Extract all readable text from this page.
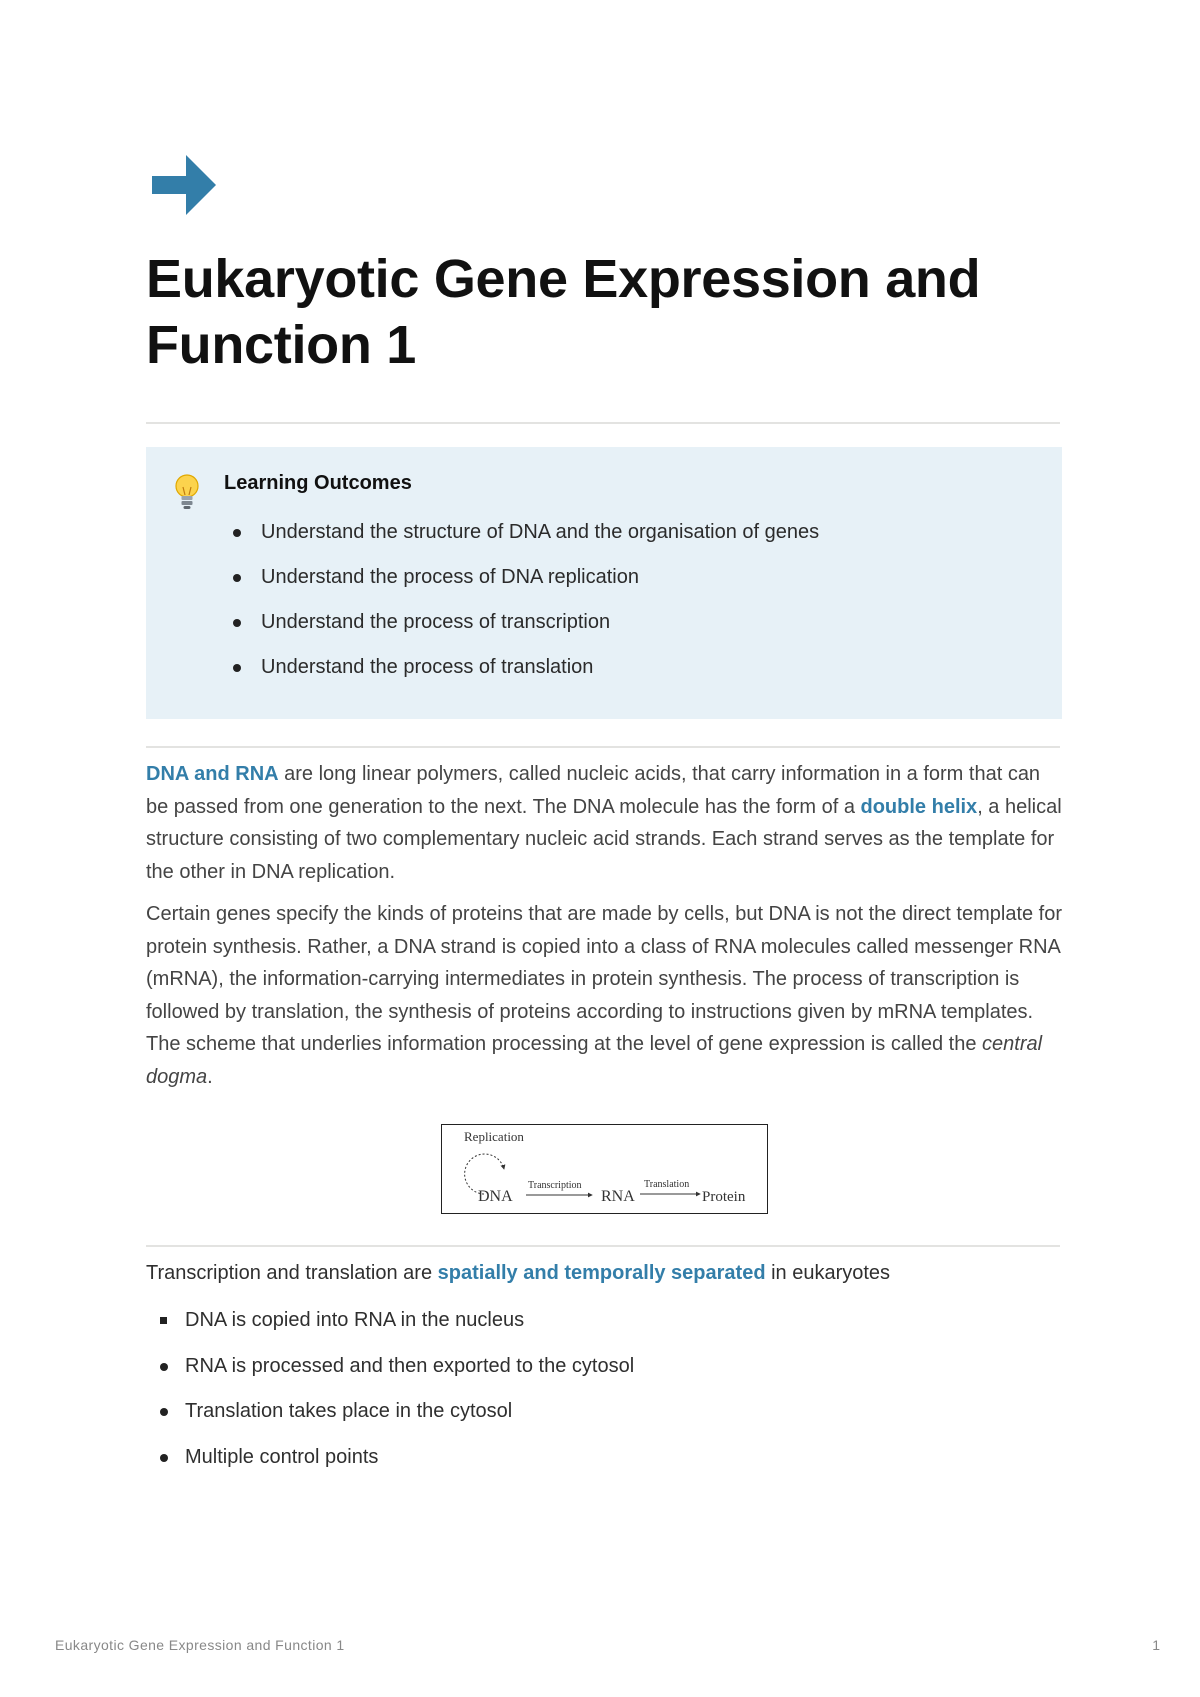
Eukaryotic Gene Expression and Function 1
Learning Outcomes
Understand the structure of DNA and the organisation of genes
Understand the process of DNA replication
Understand the process of transcription
Understand the process of translation

DNA and RNA are long linear polymers, called nucleic acids, that carry information in a form that can be passed from one generation to the next. The DNA molecule has the form of a double helix, a helical structure consisting of two complementary nucleic acid strands. Each strand serves as the template for the other in DNA replication.

Certain genes specify the kinds of proteins that are made by cells, but DNA is not the direct template for protein synthesis. Rather, a DNA strand is copied into a class of RNA molecules called messenger RNA (mRNA), the information-carrying intermediates in protein synthesis. The process of transcription is followed by translation, the synthesis of proteins according to instructions given by mRNA templates. The scheme that underlies information processing at the level of gene expression is called the central dogma.

Replication
DNA
Transcription
RNA
Translation
Protein

Transcription and translation are spatially and temporally separated in eukaryotes

DNA is copied into RNA in the nucleus
RNA is processed and then exported to the cytosol
Translation takes place in the cytosol
Multiple control points
Eukaryotic Gene Expression and Function 1	1
